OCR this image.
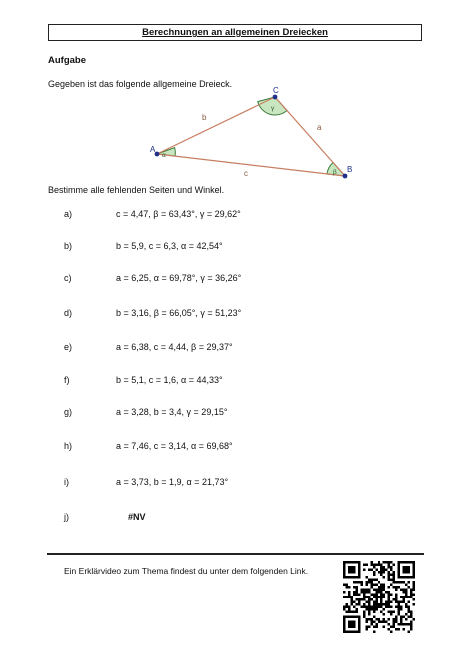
Berechnungen an allgemeinen Dreiecken
Aufgabe
Gegeben ist das folgende allgemeine Dreieck.
A
B
C
a
b
c
α
β
γ
Bestimme alle fehlenden Seiten und Winkel.
a)	c = 4,47, β = 63,43°, γ = 29,62°
b)	b = 5,9, c = 6,3, α = 42,54°
c)	a = 6,25, α = 69,78°, γ = 36,26°
d)	b = 3,16, β = 66,05°, γ = 51,23°
e)	a = 6,38, c = 4,44, β = 29,37°
f)	b = 5,1, c = 1,6, α = 44,33°
g)	a = 3,28, b = 3,4, γ = 29,15°
h)	a = 7,46, c = 3,14, α = 69,68°
i)	a = 3,73, b = 1,9, α = 21,73°
j)	#NV
Ein Erklärvideo zum Thema findest du unter dem folgenden Link.
